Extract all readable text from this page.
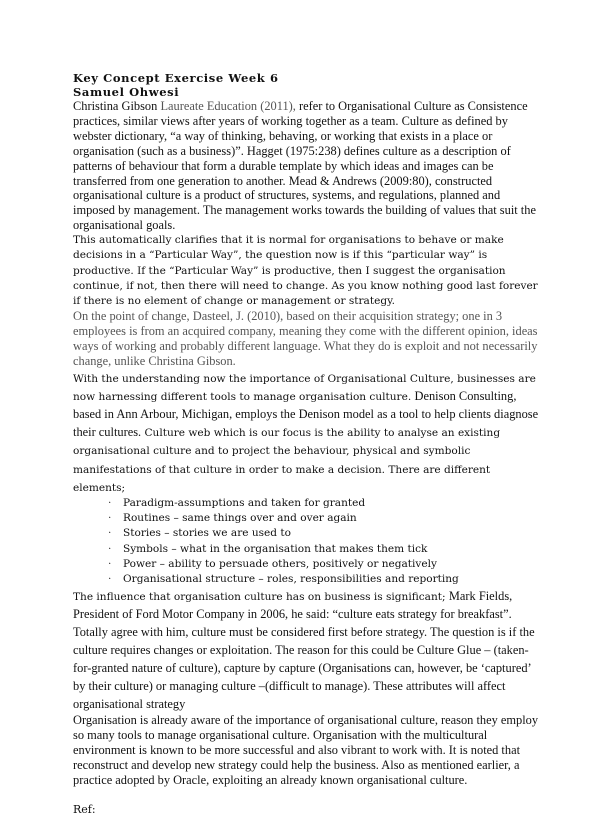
Key Concept Exercise Week 6
Samuel Ohwesi

Christina Gibson Laureate Education (2011), refer to Organisational Culture as Consistence practices, similar views after years of working together as a team. Culture as defined by webster dictionary, “a way of thinking, behaving, or working that exists in a place or organisation (such as a business)”. Hagget (1975:238) defines culture as a description of patterns of behaviour that form a durable template by which ideas and images can be transferred from one generation to another. Mead & Andrews (2009:80), constructed organisational culture is a product of structures, systems, and regulations, planned and imposed by management. The management works towards the building of values that suit the organisational goals.

This automatically clarifies that it is normal for organisations to behave or make decisions in a “Particular Way”, the question now is if this “particular way” is productive. If the “Particular Way” is productive, then I suggest the organisation continue, if not, then there will need to change. As you know nothing good last forever if there is no element of change or management or strategy.

On the point of change, Dasteel, J. (2010), based on their acquisition strategy; one in 3 employees is from an acquired company, meaning they come with the different opinion, ideas ways of working and probably different language. What they do is exploit and not necessarily change, unlike Christina Gibson.

With the understanding now the importance of Organisational Culture, businesses are now harnessing different tools to manage organisation culture. Denison Consulting, based in Ann Arbour, Michigan, employs the Denison model as a tool to help clients diagnose their cultures. Culture web which is our focus is the ability to analyse an existing organisational culture and to project the behaviour, physical and symbolic manifestations of that culture in order to make a decision. There are different elements;

· Paradigm-assumptions and taken for granted
· Routines – same things over and over again
· Stories – stories we are used to
· Symbols – what in the organisation that makes them tick
· Power – ability to persuade others, positively or negatively
· Organisational structure – roles, responsibilities and reporting

The influence that organisation culture has on business is significant; Mark Fields, President of Ford Motor Company in 2006, he said: “culture eats strategy for breakfast”. Totally agree with him, culture must be considered first before strategy. The question is if the culture requires changes or exploitation. The reason for this could be Culture Glue – (taken-for-granted nature of culture), capture by capture (Organisations can, however, be ‘captured’ by their culture) or managing culture –(difficult to manage). These attributes will affect organisational strategy

Organisation is already aware of the importance of organisational culture, reason they employ so many tools to manage organisational culture. Organisation with the multicultural environment is known to be more successful and also vibrant to work with. It is noted that reconstruct and develop new strategy could help the business. Also as mentioned earlier, a practice adopted by Oracle, exploiting an already known organisational culture.

Ref:
